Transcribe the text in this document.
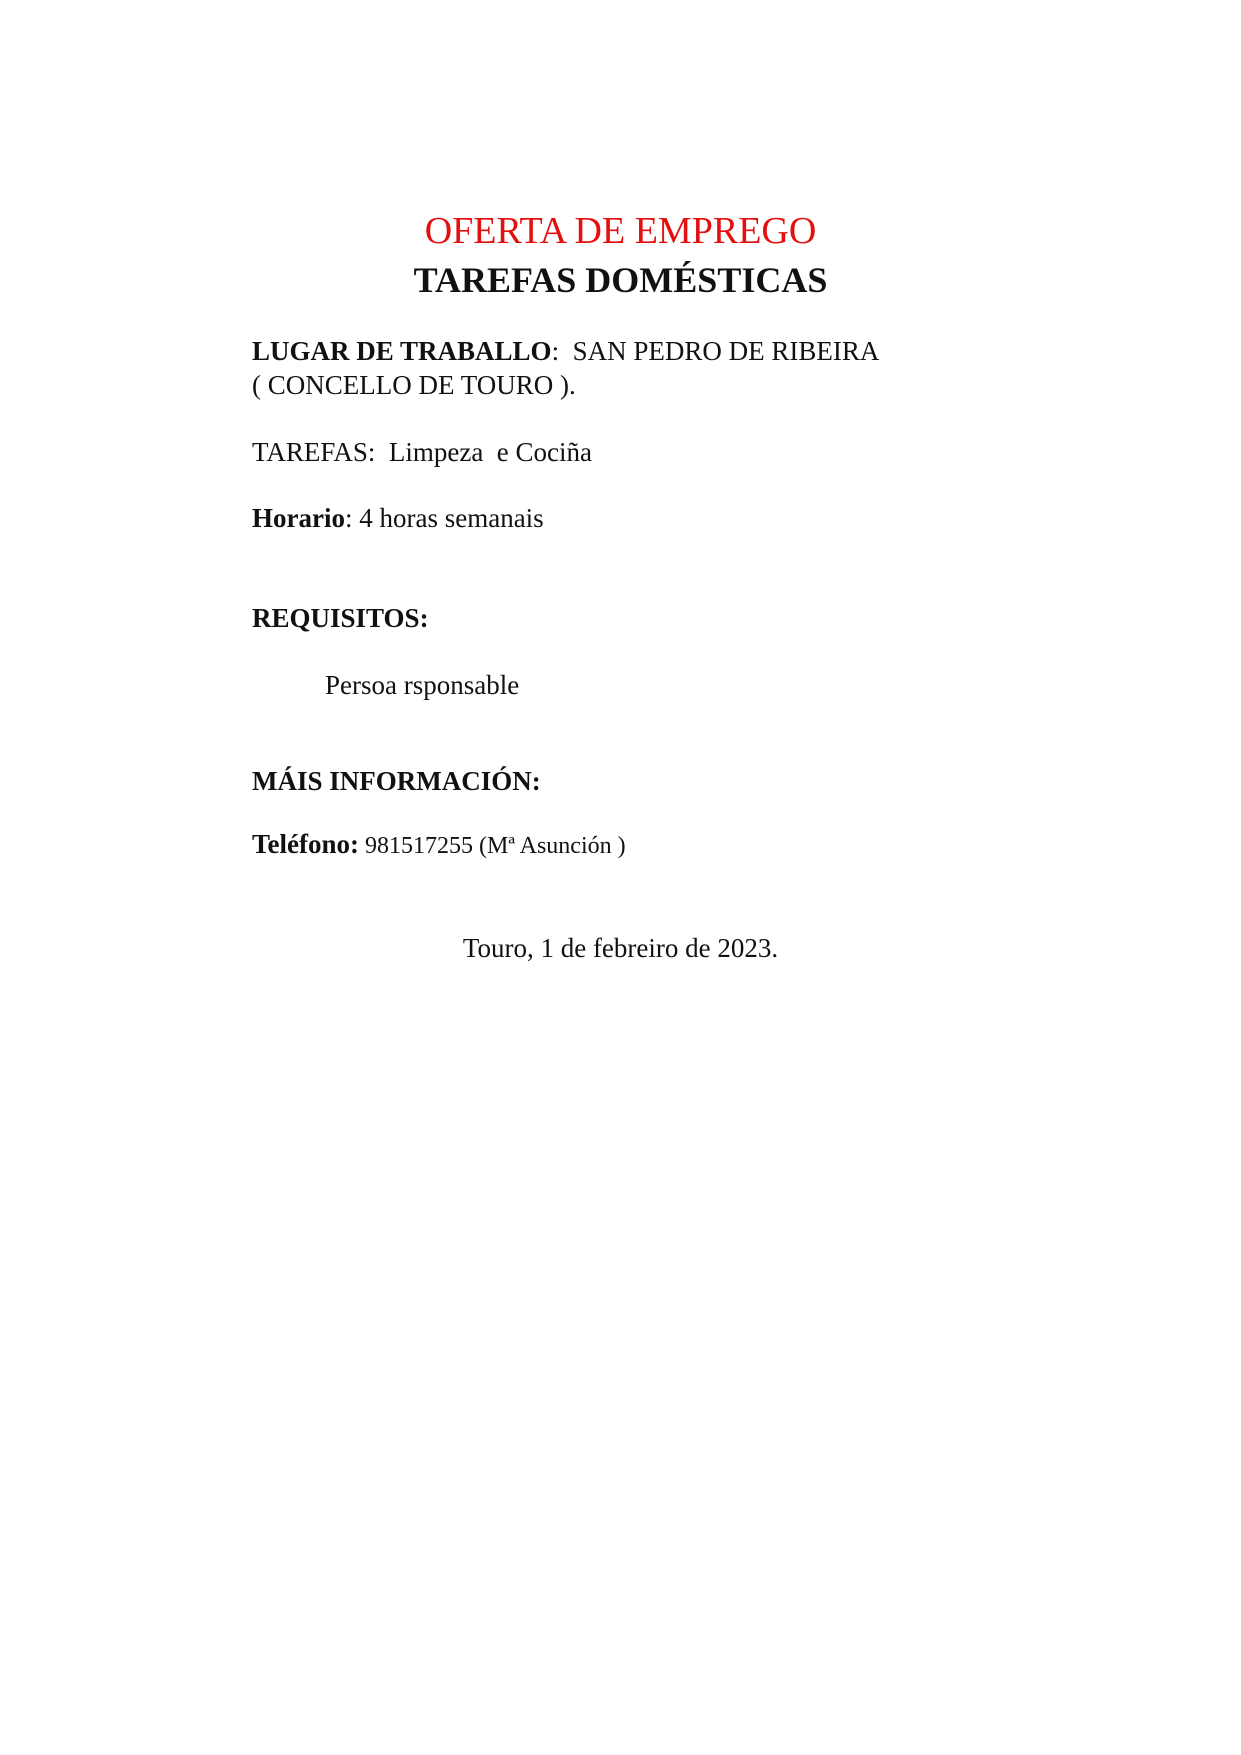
OFERTA DE EMPREGO
TAREFAS DOMÉSTICAS
LUGAR DE TRABALLO:  SAN PEDRO DE RIBEIRA
( CONCELLO DE TOURO ).
TAREFAS:  Limpeza  e Cociña
Horario: 4 horas semanais
REQUISITOS:
Persoa rsponsable
MÁIS INFORMACIÓN:
Teléfono: 981517255 (Mª Asunción )
Touro, 1 de febreiro de 2023.
